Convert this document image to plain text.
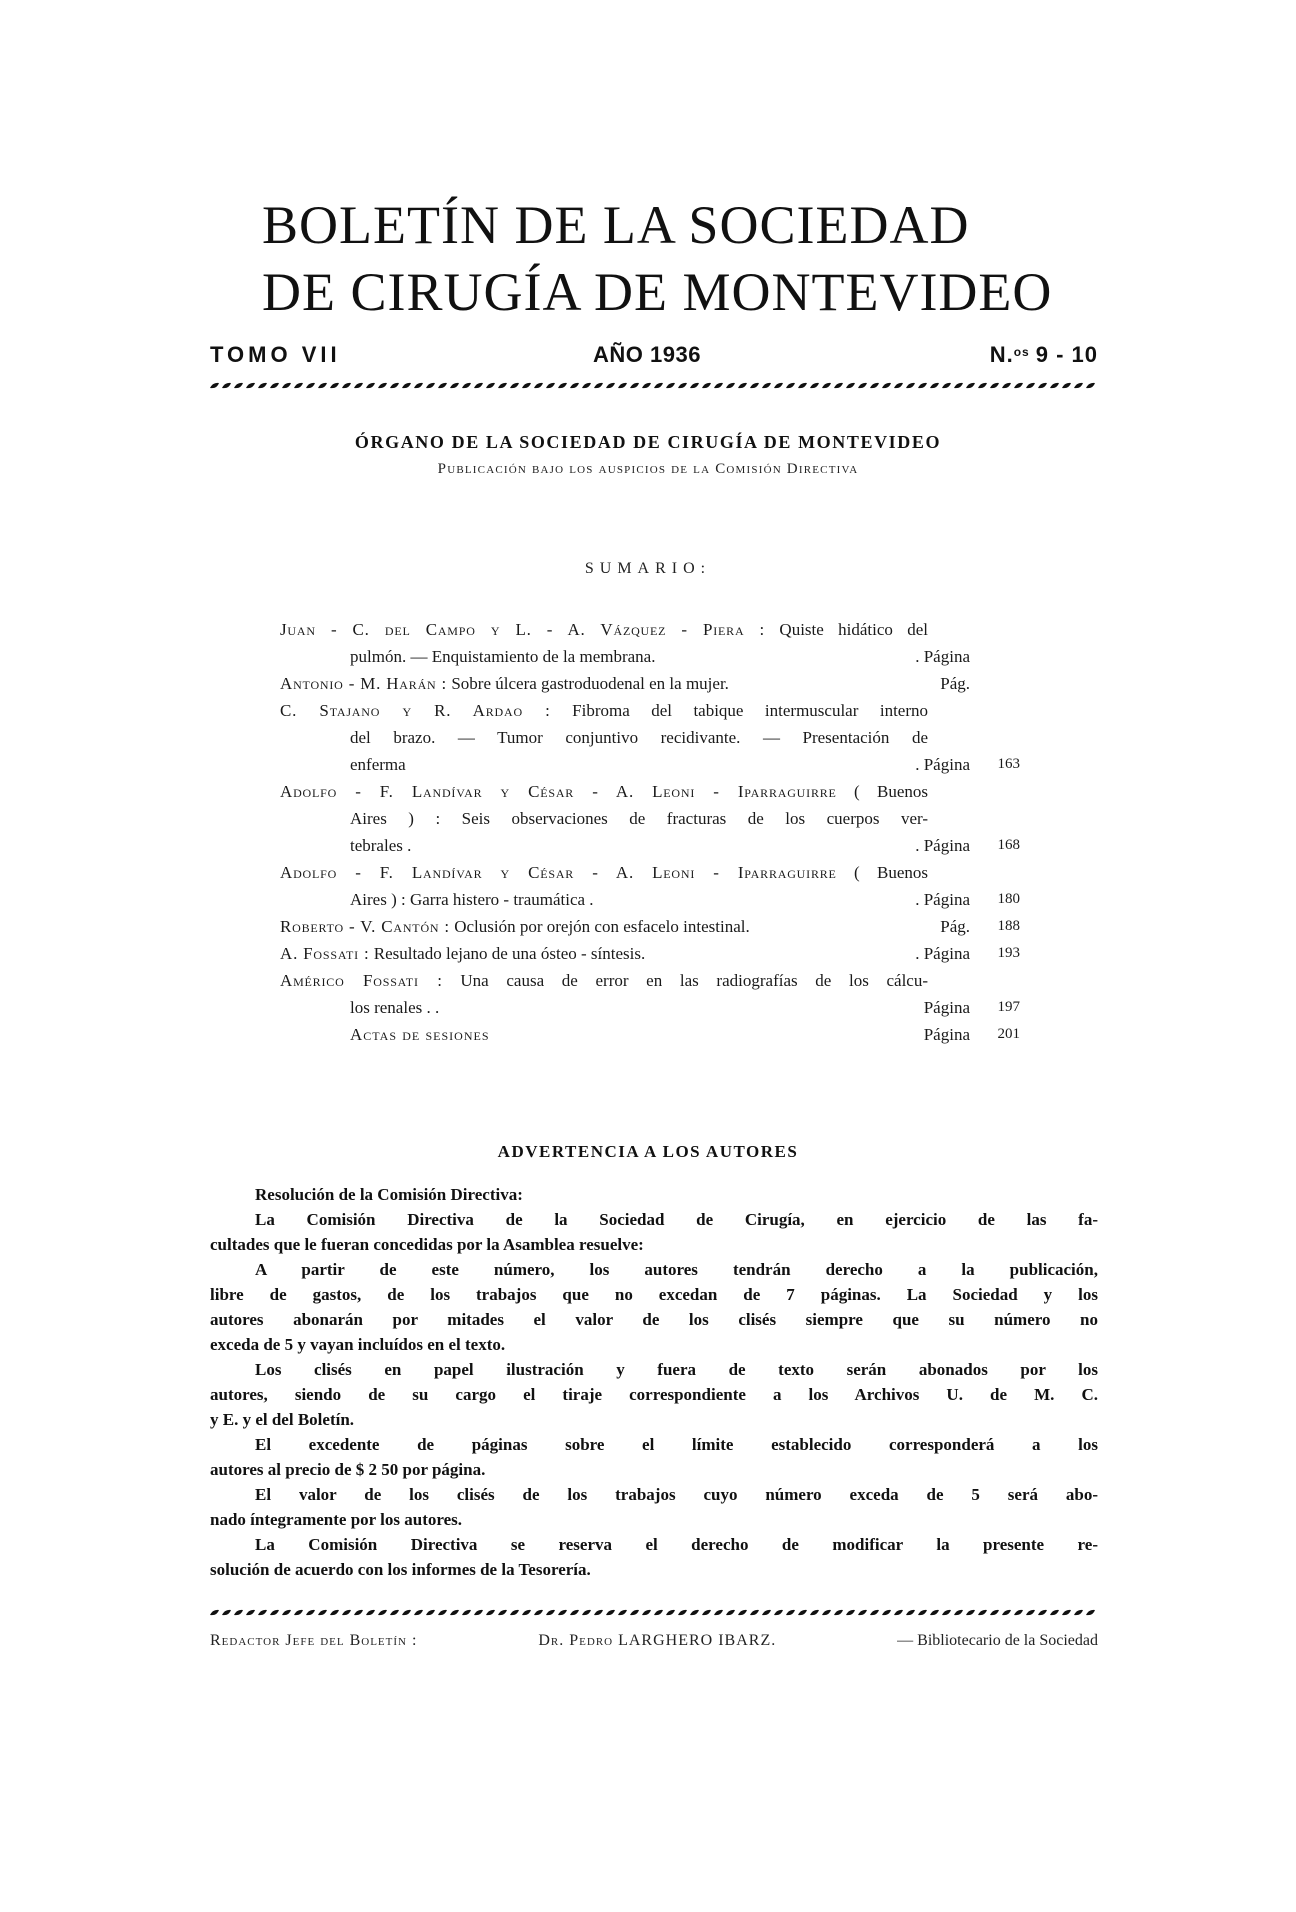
BOLETÍN DE LA SOCIEDAD
DE CIRUGÍA DE MONTEVIDEO
TOMO VII	AÑO 1936	N.$^{os}$ 9 - 10
ÓRGANO DE LA SOCIEDAD DE CIRUGÍA DE MONTEVIDEO
Publicación bajo los auspicios de la Comisión Directiva
SUMARIO:
Juan - C. del Campo y L. - A. Vázquez - Piera : Quiste hidático del
pulmón. — Enquistamiento de la membrana.	. Página
Antonio - M. Harán : Sobre úlcera gastroduodenal en la mujer.	Pág.
C. Stajano y R. Ardao : Fibroma del tabique intermuscular interno
del brazo. — Tumor conjuntivo recidivante. — Presentación de
enferma	. Página	163
Adolfo - F. Landívar y César - A. Leoni - Iparraguirre ( Buenos
Aires ) : Seis observaciones de fracturas de los cuerpos ver-
tebrales .	. Página	168
Adolfo - F. Landívar y César - A. Leoni - Iparraguirre ( Buenos
Aires ) : Garra histero - traumática .	. Página	180
Roberto - V. Cantón : Oclusión por orejón con esfacelo intestinal.	Pág.	188
A. Fossati : Resultado lejano de una ósteo - síntesis.	. Página	193
Américo Fossati : Una causa de error en las radiografías de los cálcu-
los renales . .	Página	197
Actas de sesiones	Página	201
ADVERTENCIA A LOS AUTORES
Resolución de la Comisión Directiva:
La Comisión Directiva de la Sociedad de Cirugía, en ejercicio de las fa-
cultades que le fueran concedidas por la Asamblea resuelve:
A partir de este número, los autores tendrán derecho a la publicación,
libre de gastos, de los trabajos que no excedan de 7 páginas. La Sociedad y los
autores abonarán por mitades el valor de los clisés siempre que su número no
exceda de 5 y vayan incluídos en el texto.
Los clisés en papel ilustración y fuera de texto serán abonados por los
autores, siendo de su cargo el tiraje correspondiente a los Archivos U. de M. C.
y E. y el del Boletín.
El excedente de páginas sobre el límite establecido corresponderá a los
autores al precio de $ 2 50 por página.
El valor de los clisés de los trabajos cuyo número exceda de 5 será abo-
nado íntegramente por los autores.
La Comisión Directiva se reserva el derecho de modificar la presente re-
solución de acuerdo con los informes de la Tesorería.
Redactor Jefe del Boletín :	Dr. Pedro LARGHERO IBARZ.	— Bibliotecario de la Sociedad
